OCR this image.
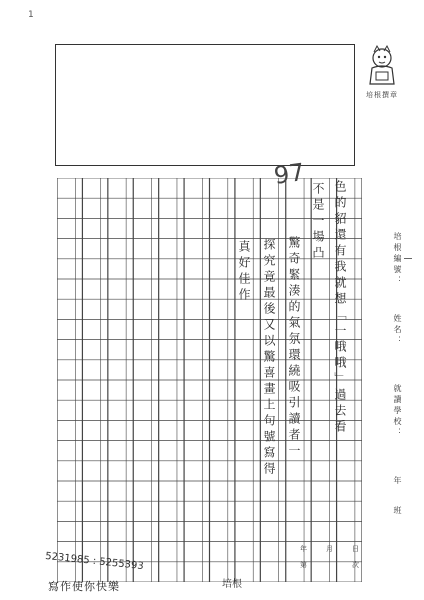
1
培根撰章
97
色的貂還有我就想「一哦哦」過去看
不是一場凸
驚奇緊湊的氣氛環繞吸引讀者一
探究竟最後又以驚喜畫上句號寫得
真好佳作	培根編號：
姓名：
就讀學校：
年
班
年	月	日
第	次
培根
5231985 : 5255393
寫作使你快樂
